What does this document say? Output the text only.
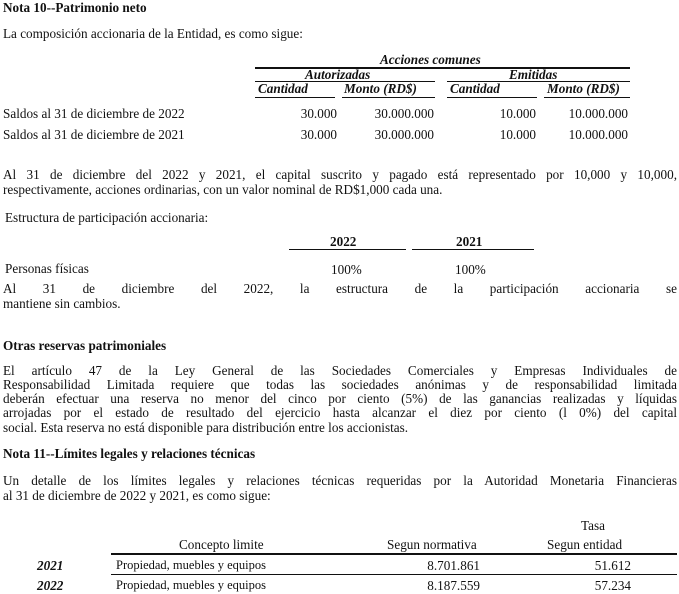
Nota 10--Patrimonio neto
La composición accionaria de la Entidad, es como sigue:
Acciones comunes
Autorizadas	Emitidas
Cantidad	Monto (RD$)	Cantidad	Monto (RD$)
Saldos al 31 de diciembre de 2022	30.000	30.000.000	10.000	10.000.000
Saldos al 31 de diciembre de 2021	30.000	30.000.000	10.000	10.000.000
Al 31 de diciembre del 2022 y 2021, el capital suscrito y pagado está representado por 10,000 y 10,000,
respectivamente, acciones ordinarias, con un valor nominal de RD$1,000 cada una.
Estructura de participación accionaria:
2022	2021
Personas físicas	100%	100%
Al 31 de diciembre del 2022, la estructura de la participación accionaria se
mantiene sin cambios.
Otras reservas patrimoniales
El artículo 47 de la Ley General de las Sociedades Comerciales y Empresas Individuales de
Responsabilidad Limitada requiere que todas las sociedades anónimas y de responsabilidad limitada
deberán efectuar una reserva no menor del cinco por ciento (5%) de las ganancias realizadas y líquidas
arrojadas por el estado de resultado del ejercicio hasta alcanzar el diez por ciento (l 0%) del capital
social. Esta reserva no está disponible para distribución entre los accionistas.
Nota 11--Límites legales y relaciones técnicas
Un detalle de los límites legales y relaciones técnicas requeridas por la Autoridad Monetaria Financieras
al 31 de diciembre de 2022 y 2021, es como sigue:
Tasa
Concepto limite	Segun normativa	Segun entidad
2021	Propiedad, muebles y equipos	8.701.861	51.612
2022	Propiedad, muebles y equipos	8.187.559	57.234
